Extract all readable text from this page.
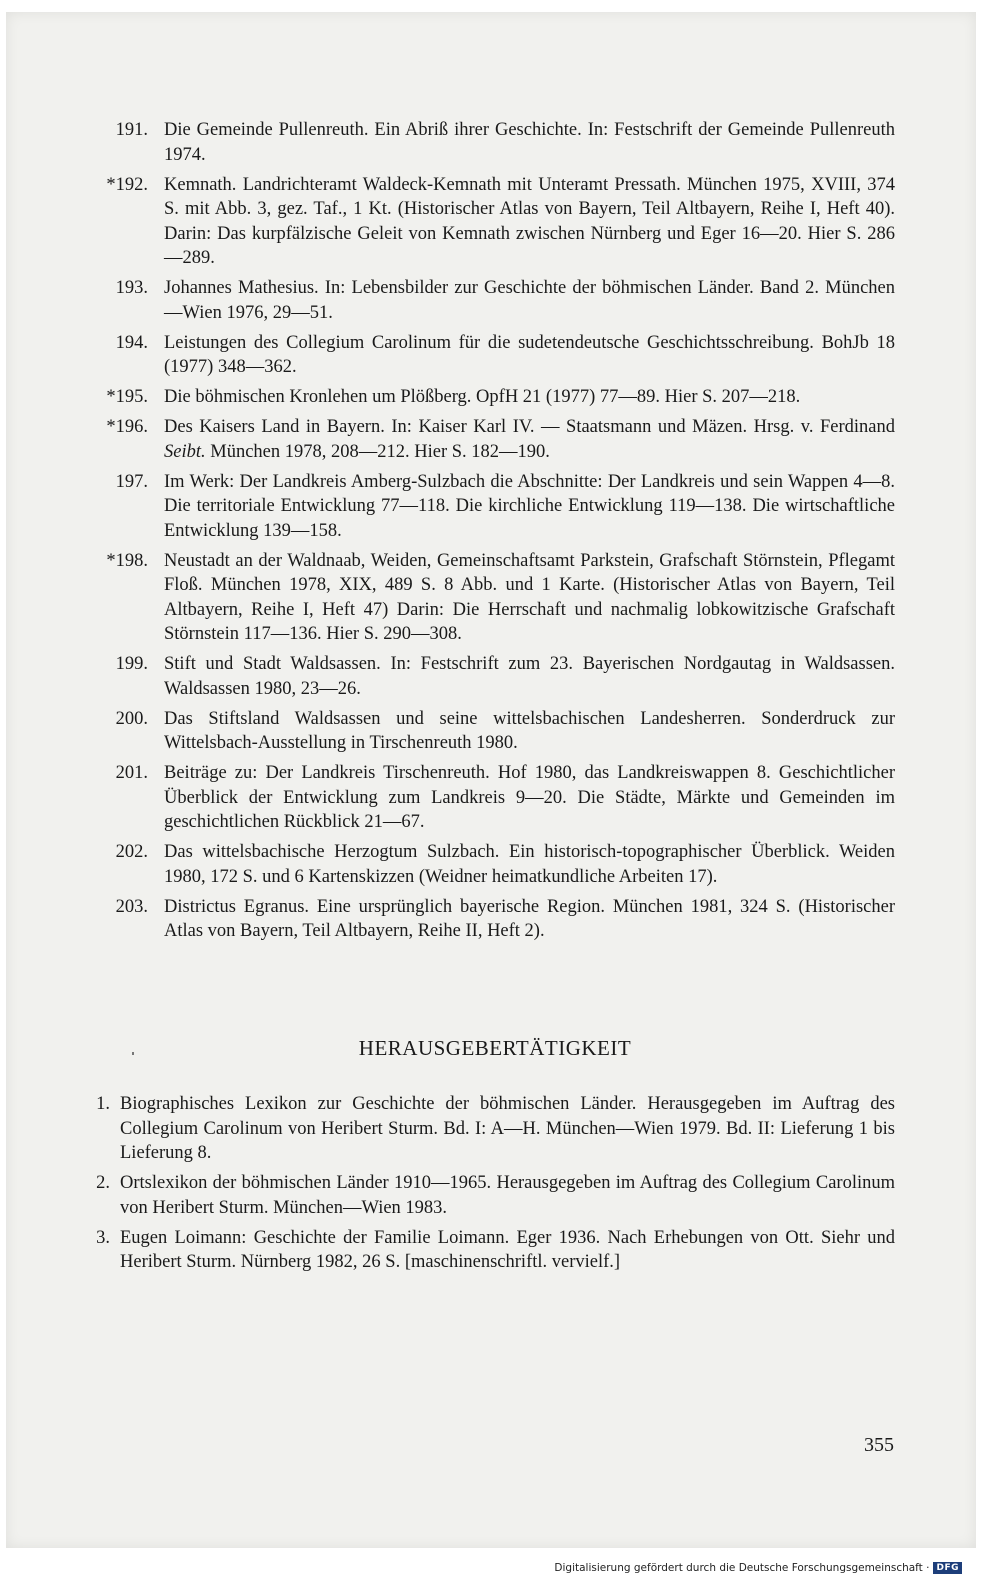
191. Die Gemeinde Pullenreuth. Ein Abriß ihrer Geschichte. In: Festschrift der Gemeinde Pullenreuth 1974.
*192. Kemnath. Landrichteramt Waldeck-Kemnath mit Unteramt Pressath. München 1975, XVIII, 374 S. mit Abb. 3, gez. Taf., 1 Kt. (Historischer Atlas von Bayern, Teil Altbayern, Reihe I, Heft 40). Darin: Das kurpfälzische Geleit von Kemnath zwischen Nürnberg und Eger 16—20. Hier S. 286—289.
193. Johannes Mathesius. In: Lebensbilder zur Geschichte der böhmischen Länder. Band 2. München—Wien 1976, 29—51.
194. Leistungen des Collegium Carolinum für die sudetendeutsche Geschichtsschreibung. BohJb 18 (1977) 348—362.
*195. Die böhmischen Kronlehen um Plößberg. OpfH 21 (1977) 77—89. Hier S. 207—218.
*196. Des Kaisers Land in Bayern. In: Kaiser Karl IV. — Staatsmann und Mäzen. Hrsg. v. Ferdinand Seibt. München 1978, 208—212. Hier S. 182—190.
197. Im Werk: Der Landkreis Amberg-Sulzbach die Abschnitte: Der Landkreis und sein Wappen 4—8. Die territoriale Entwicklung 77—118. Die kirchliche Entwicklung 119—138. Die wirtschaftliche Entwicklung 139—158.
*198. Neustadt an der Waldnaab, Weiden, Gemeinschaftsamt Parkstein, Grafschaft Störnstein, Pflegamt Floß. München 1978, XIX, 489 S. 8 Abb. und 1 Karte. (Historischer Atlas von Bayern, Teil Altbayern, Reihe I, Heft 47) Darin: Die Herrschaft und nachmalig lobkowitzische Grafschaft Störnstein 117—136. Hier S. 290—308.
199. Stift und Stadt Waldsassen. In: Festschrift zum 23. Bayerischen Nordgautag in Waldsassen. Waldsassen 1980, 23—26.
200. Das Stiftsland Waldsassen und seine wittelsbachischen Landesherren. Sonderdruck zur Wittelsbach-Ausstellung in Tirschenreuth 1980.
201. Beiträge zu: Der Landkreis Tirschenreuth. Hof 1980, das Landkreiswappen 8. Geschichtlicher Überblick der Entwicklung zum Landkreis 9—20. Die Städte, Märkte und Gemeinden im geschichtlichen Rückblick 21—67.
202. Das wittelsbachische Herzogtum Sulzbach. Ein historisch-topographischer Überblick. Weiden 1980, 172 S. und 6 Kartenskizzen (Weidner heimatkundliche Arbeiten 17).
203. Districtus Egranus. Eine ursprünglich bayerische Region. München 1981, 324 S. (Historischer Atlas von Bayern, Teil Altbayern, Reihe II, Heft 2).
HERAUSGEBERTÄTIGKEIT
1. Biographisches Lexikon zur Geschichte der böhmischen Länder. Herausgegeben im Auftrag des Collegium Carolinum von Heribert Sturm. Bd. I: A—H. München—Wien 1979. Bd. II: Lieferung 1 bis Lieferung 8.
2. Ortslexikon der böhmischen Länder 1910—1965. Herausgegeben im Auftrag des Collegium Carolinum von Heribert Sturm. München—Wien 1983.
3. Eugen Loimann: Geschichte der Familie Loimann. Eger 1936. Nach Erhebungen von Ott. Siehr und Heribert Sturm. Nürnberg 1982, 26 S. [maschinenschriftl. vervielf.]
355
Digitalisierung gefördert durch die Deutsche Forschungsgemeinschaft · DFG
